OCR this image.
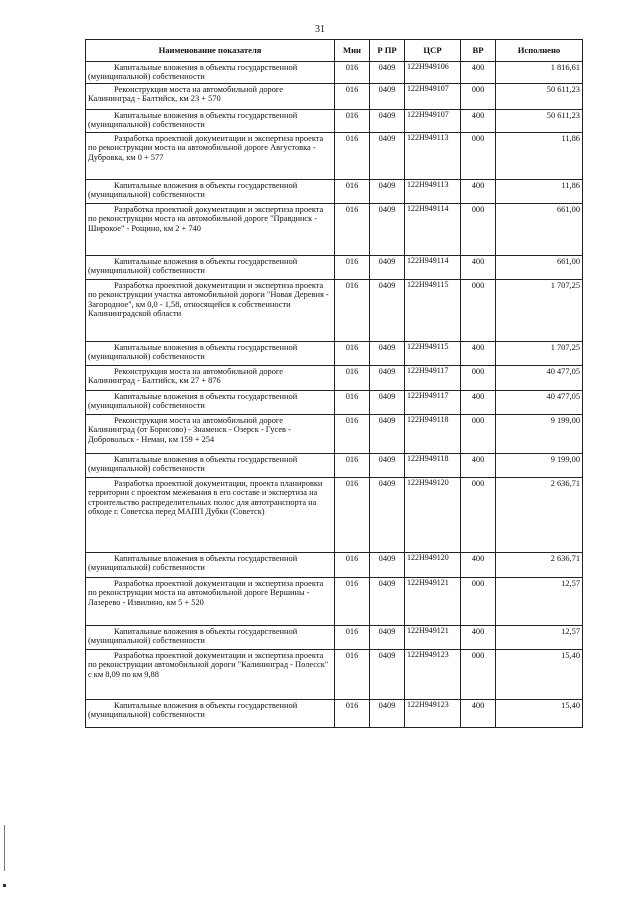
31
Наименование показателя	Мин	Р ПР	ЦСР	ВР	Исполнено
Капитальные вложения в объекты государственной (муниципальной) собственности	016	0409	122Н949106	400	1 816,61
Реконструкция моста на автомобильной дороге Калининград - Балтийск, км 23 + 570	016	0409	122Н949107	000	50 611,23
Капитальные вложения в объекты государственной (муниципальной) собственности	016	0409	122Н949107	400	50 611,23
Разработка проектной документации и экспертиза проекта по реконструкции моста на автомобильной дороге Августовка - Дубровка, км 0 + 577	016	0409	122Н949113	000	11,86
Капитальные вложения в объекты государственной (муниципальной) собственности	016	0409	122Н949113	400	11,86
Разработка проектной документации и экспертиза проекта по реконструкции моста на автомобильной дороге "Правдинск - Широкое" - Рощино, км 2 + 740	016	0409	122Н949114	000	661,00
Капитальные вложения в объекты государственной (муниципальной) собственности	016	0409	122Н949114	400	661,00
Разработка проектной документации и экспертиза проекта по реконструкции участка автомобильной дороги "Новая Деревня - Загородное", км 0,0 - 1,58, относящейся к собственности Калининградской области	016	0409	122Н949115	000	1 707,25
Капитальные вложения в объекты государственной (муниципальной) собственности	016	0409	122Н949115	400	1 707,25
Реконструкция моста на автомобильной дороге Калининград - Балтийск, км 27 + 876	016	0409	122Н949117	000	40 477,05
Капитальные вложения в объекты государственной (муниципальной) собственности	016	0409	122Н949117	400	40 477,05
Реконструкция моста на автомобильной дороге Калининград (от Борисово) - Знаменск - Озерск - Гусев - Добровольск - Неман, км 159 + 254	016	0409	122Н949118	000	9 199,00
Капитальные вложения в объекты государственной (муниципальной) собственности	016	0409	122Н949118	400	9 199,00
Разработка проектной документации, проекта планировки территории с проектом межевания в его составе и экспертиза на строительство распределительных полос для автотранспорта на обходе г. Советска перед МАПП Дубки (Советск)	016	0409	122Н949120	000	2 636,71
Капитальные вложения в объекты государственной (муниципальной) собственности	016	0409	122Н949120	400	2 636,71
Разработка проектной документации и экспертиза проекта по реконструкции моста на автомобильной дороге Вершины - Лазерево - Извилино, км 5 + 520	016	0409	122Н949121	000	12,57
Капитальные вложения в объекты государственной (муниципальной) собственности	016	0409	122Н949121	400	12,57
Разработка проектной документации и экспертиза проекта по реконструкции автомобильной дороги "Калининград - Полесск" с км 8,09 по км 9,88	016	0409	122Н949123	000	15,40
Капитальные вложения в объекты государственной (муниципальной) собственности	016	0409	122Н949123	400	15,40
